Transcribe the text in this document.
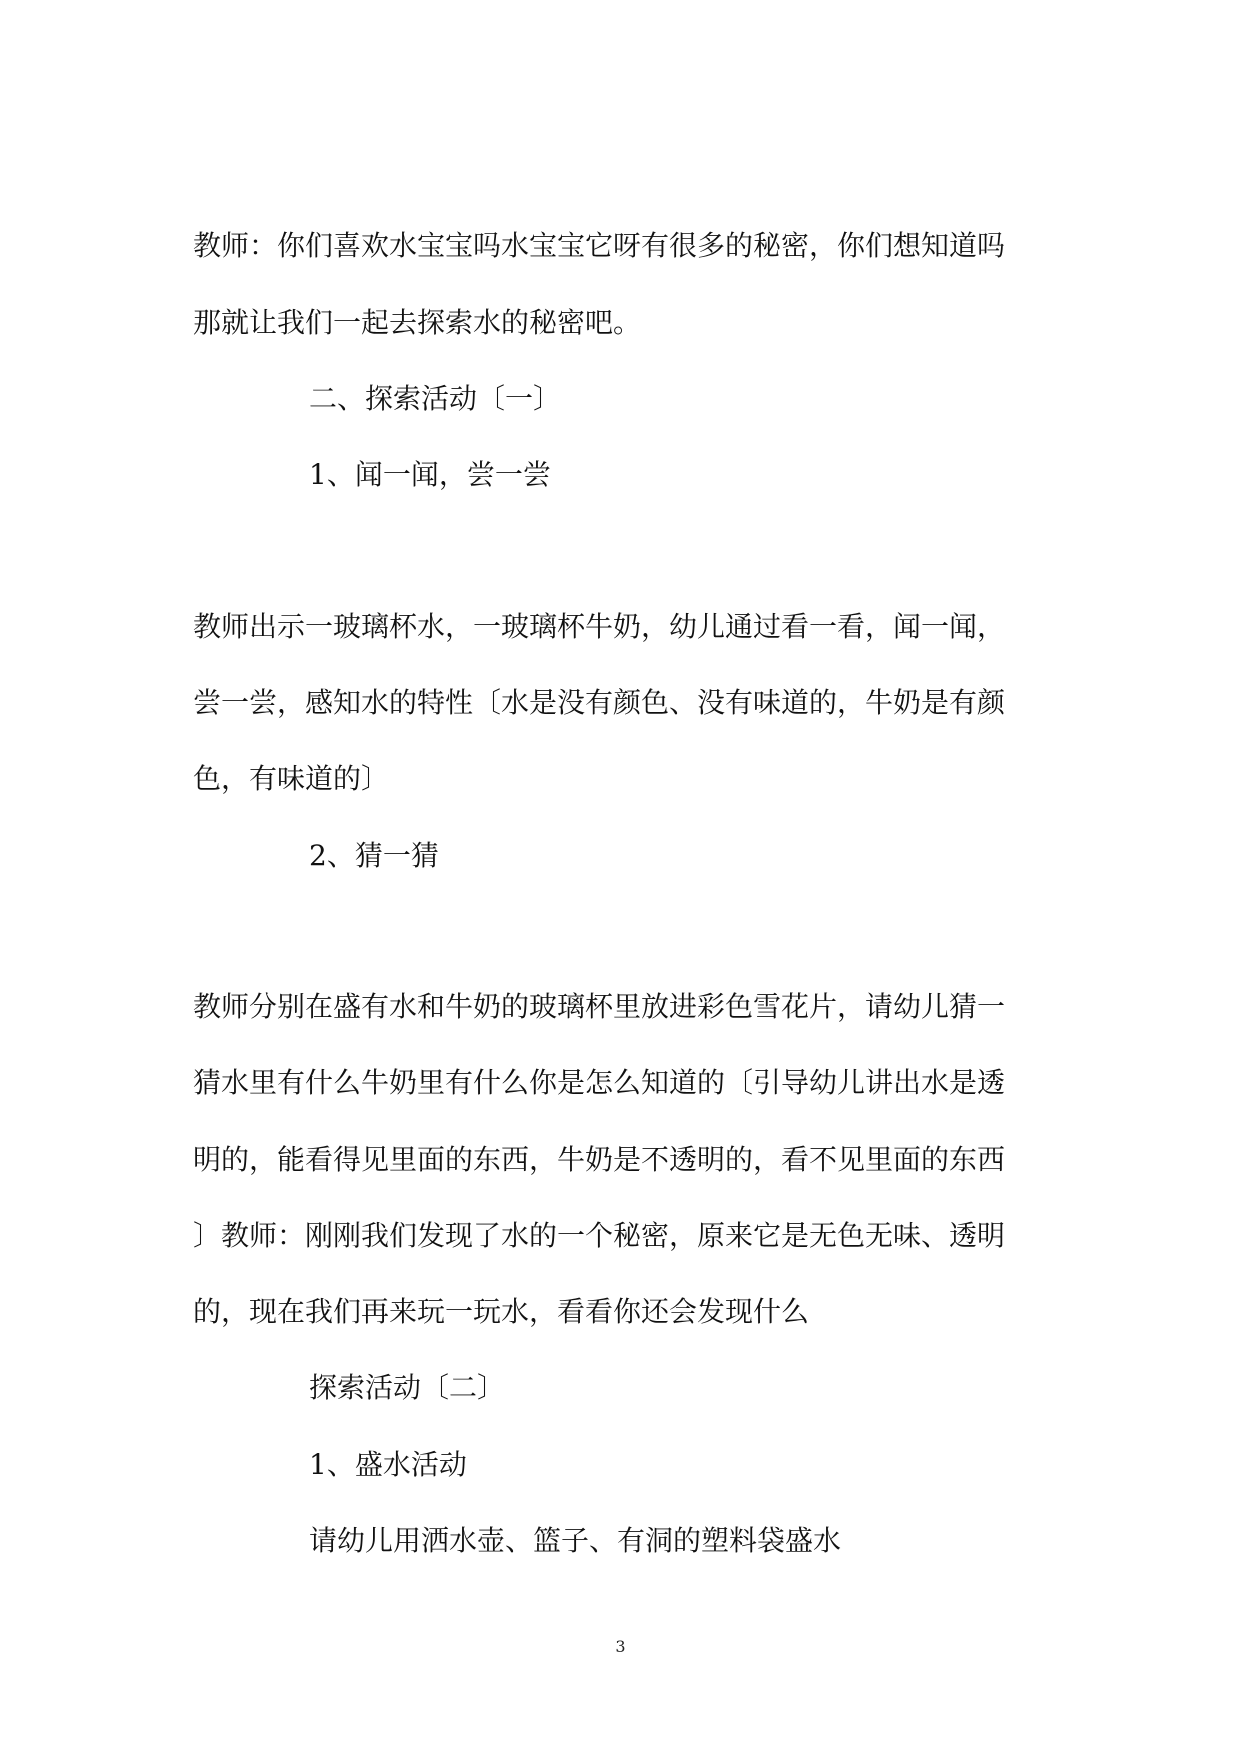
教师：你们喜欢水宝宝吗水宝宝它呀有很多的秘密，你们想知道吗
那就让我们一起去探索水的秘密吧。
二、探索活动〔一〕
1、闻一闻，尝一尝
教师出示一玻璃杯水，一玻璃杯牛奶，幼儿通过看一看，闻一闻，
尝一尝，感知水的特性〔水是没有颜色、没有味道的，牛奶是有颜
色，有味道的〕
2、猜一猜
教师分别在盛有水和牛奶的玻璃杯里放进彩色雪花片，请幼儿猜一
猜水里有什么牛奶里有什么你是怎么知道的〔引导幼儿讲出水是透
明的，能看得见里面的东西，牛奶是不透明的，看不见里面的东西
〕教师：刚刚我们发现了水的一个秘密，原来它是无色无味、透明
的，现在我们再来玩一玩水，看看你还会发现什么
探索活动〔二〕
1、盛水活动
请幼儿用洒水壶、篮子、有洞的塑料袋盛水
3
